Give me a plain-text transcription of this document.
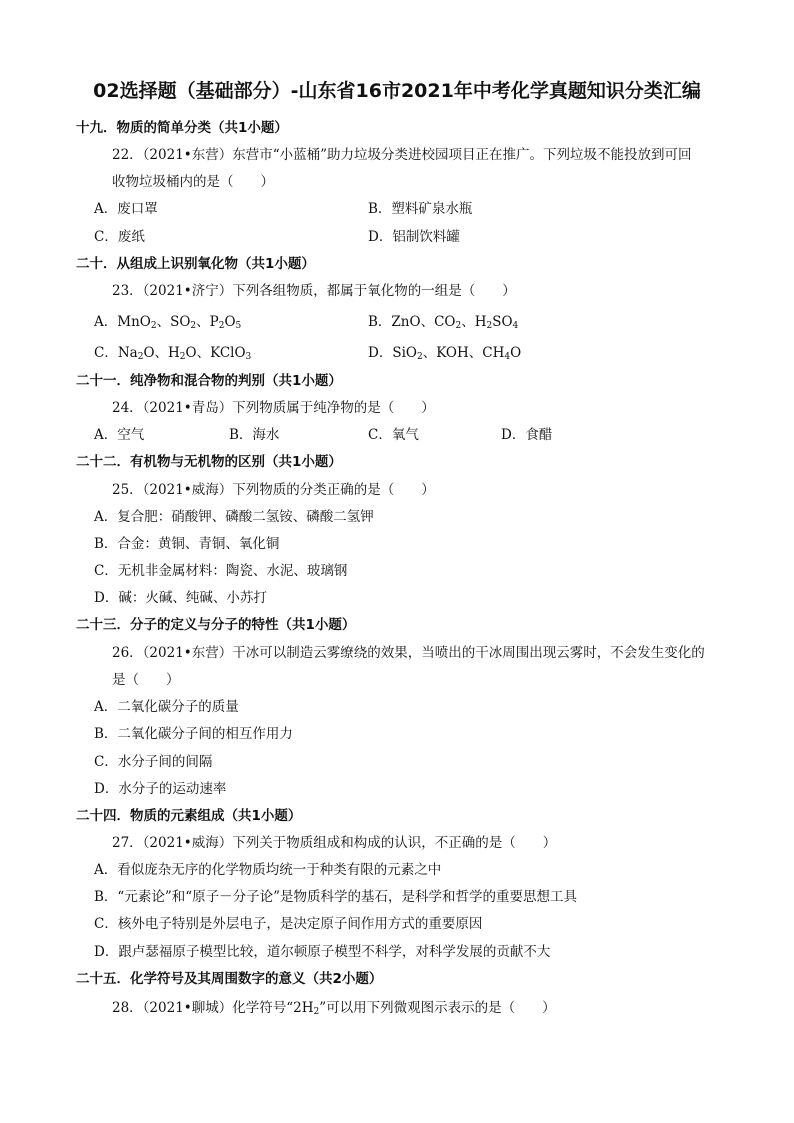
02选择题（基础部分）-山东省16市2021年中考化学真题知识分类汇编
十九．物质的简单分类（共1小题）
22．（2021•东营）东营市“小蓝桶”助力垃圾分类进校园项目正在推广。下列垃圾不能投放到可回
收物垃圾桶内的是（　　）
A．废口罩	B．塑料矿泉水瓶
C．废纸	D．铝制饮料罐
二十．从组成上识别氧化物（共1小题）
23．（2021•济宁）下列各组物质，都属于氧化物的一组是（　　）
A．MnO$_2$、$SO_2$、$P_2O_5$	B．ZnO、$CO_2$、$H_2SO_4$
C．$Na_2O$、$H_2O$、KClO$_3$	D．SiO$_2$、KOH、$CH_4O$
二十一．纯净物和混合物的判别（共1小题）
24．（2021•青岛）下列物质属于纯净物的是（　　）
A．空气	B．海水	C．氧气	D．食醋
二十二．有机物与无机物的区别（共1小题）
25．（2021•威海）下列物质的分类正确的是（　　）
A．复合肥：硝酸钾、磷酸二氢铵、磷酸二氢钾
B．合金：黄铜、青铜、氧化铜
C．无机非金属材料：陶瓷、水泥、玻璃钢
D．碱：火碱、纯碱、小苏打
二十三．分子的定义与分子的特性（共1小题）
26．（2021•东营）干冰可以制造云雾缭绕的效果，当喷出的干冰周围出现云雾时，不会发生变化的
是（　　）
A．二氧化碳分子的质量
B．二氧化碳分子间的相互作用力
C．水分子间的间隔
D．水分子的运动速率
二十四．物质的元素组成（共1小题）
27．（2021•威海）下列关于物质组成和构成的认识，不正确的是（　　）
A．看似庞杂无序的化学物质均统一于种类有限的元素之中
B．“元素论”和“原子－分子论”是物质科学的基石，是科学和哲学的重要思想工具
C．核外电子特别是外层电子，是决定原子间作用方式的重要原因
D．跟卢瑟福原子模型比较，道尔顿原子模型不科学，对科学发展的贡献不大
二十五．化学符号及其周围数字的意义（共2小题）
28．（2021•聊城）化学符号“$2H_2$”可以用下列微观图示表示的是（　　）
